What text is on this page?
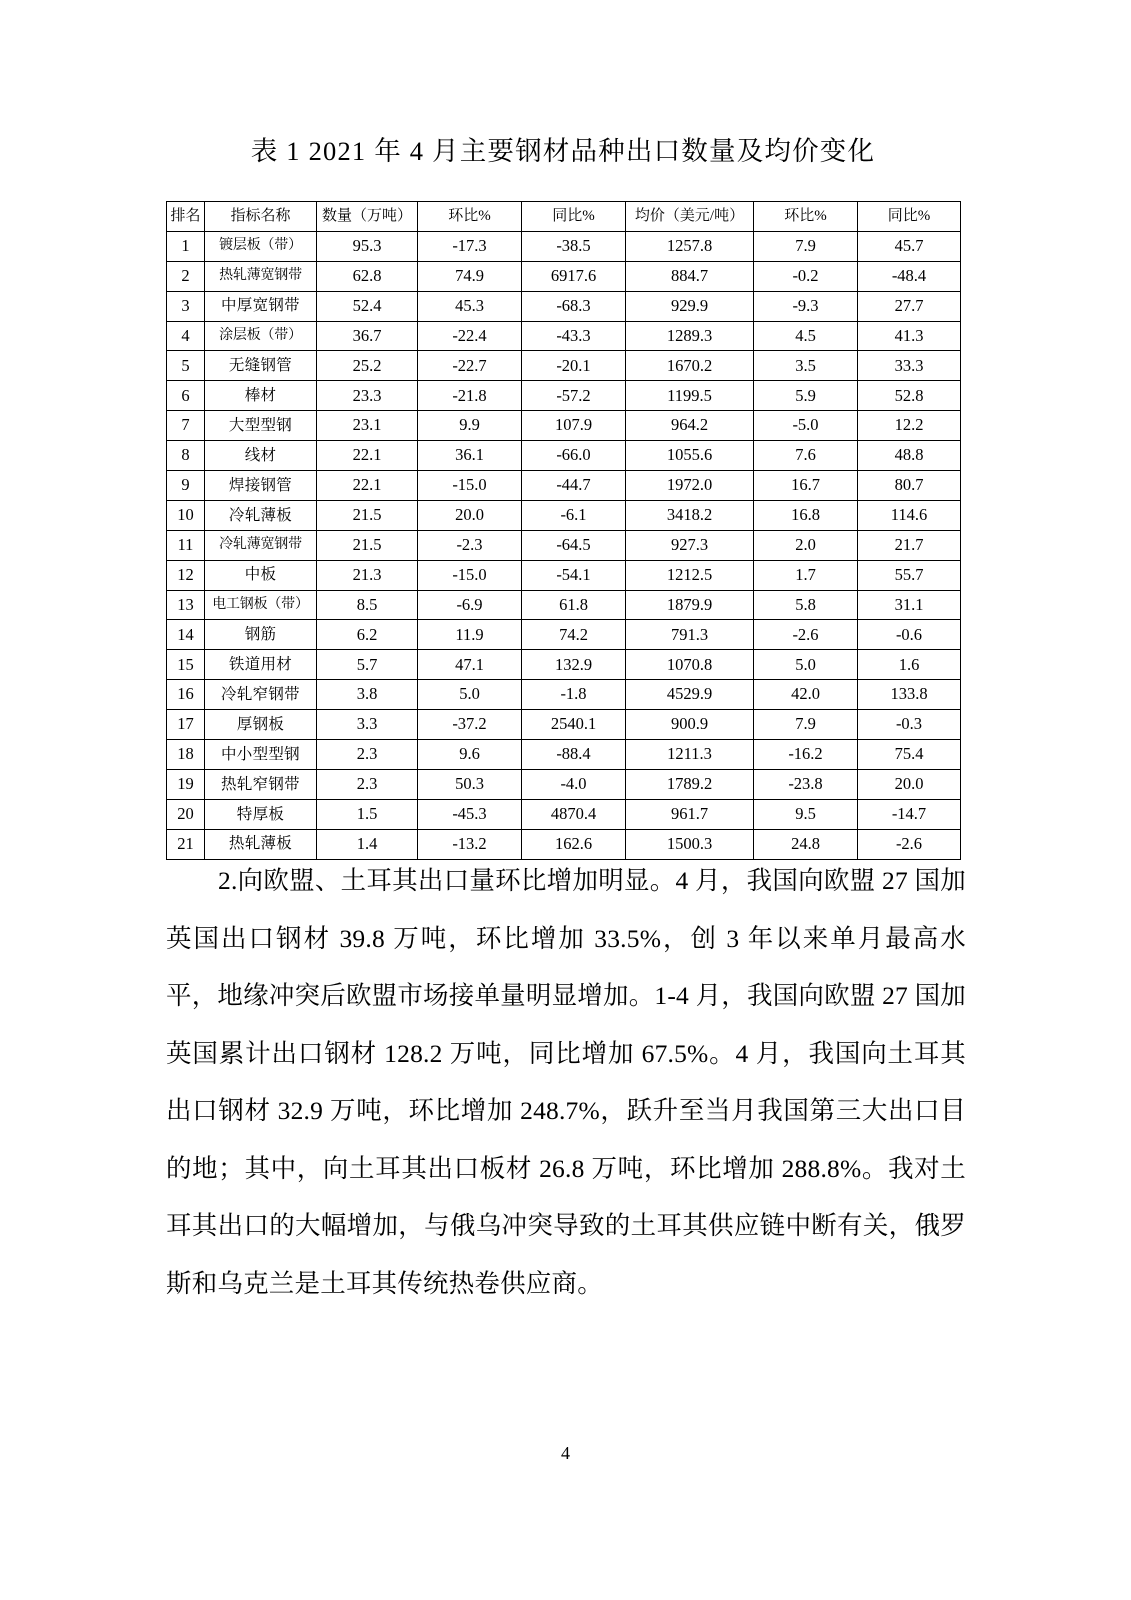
表 1 2021 年 4 月主要钢材品种出口数量及均价变化
排名	指标名称	数量（万吨）	环比%	同比%	均价（美元/吨）	环比%	同比%
1	镀层板（带）	95.3	-17.3	-38.5	1257.8	7.9	45.7
2	热轧薄宽钢带	62.8	74.9	6917.6	884.7	-0.2	-48.4
3	中厚宽钢带	52.4	45.3	-68.3	929.9	-9.3	27.7
4	涂层板（带）	36.7	-22.4	-43.3	1289.3	4.5	41.3
5	无缝钢管	25.2	-22.7	-20.1	1670.2	3.5	33.3
6	棒材	23.3	-21.8	-57.2	1199.5	5.9	52.8
7	大型型钢	23.1	9.9	107.9	964.2	-5.0	12.2
8	线材	22.1	36.1	-66.0	1055.6	7.6	48.8
9	焊接钢管	22.1	-15.0	-44.7	1972.0	16.7	80.7
10	冷轧薄板	21.5	20.0	-6.1	3418.2	16.8	114.6
11	冷轧薄宽钢带	21.5	-2.3	-64.5	927.3	2.0	21.7
12	中板	21.3	-15.0	-54.1	1212.5	1.7	55.7
13	电工钢板（带）	8.5	-6.9	61.8	1879.9	5.8	31.1
14	钢筋	6.2	11.9	74.2	791.3	-2.6	-0.6
15	铁道用材	5.7	47.1	132.9	1070.8	5.0	1.6
16	冷轧窄钢带	3.8	5.0	-1.8	4529.9	42.0	133.8
17	厚钢板	3.3	-37.2	2540.1	900.9	7.9	-0.3
18	中小型型钢	2.3	9.6	-88.4	1211.3	-16.2	75.4
19	热轧窄钢带	2.3	50.3	-4.0	1789.2	-23.8	20.0
20	特厚板	1.5	-45.3	4870.4	961.7	9.5	-14.7
21	热轧薄板	1.4	-13.2	162.6	1500.3	24.8	-2.6
2.向欧盟、土耳其出口量环比增加明显。4 月，我国向欧盟 27 国加英国出口钢材 39.8 万吨，环比增加 33.5%，创 3 年以来单月最高水平，地缘冲突后欧盟市场接单量明显增加。1-4 月，我国向欧盟 27 国加英国累计出口钢材 128.2 万吨，同比增加 67.5%。4 月，我国向土耳其出口钢材 32.9 万吨，环比增加 248.7%，跃升至当月我国第三大出口目的地；其中，向土耳其出口板材 26.8 万吨，环比增加 288.8%。我对土耳其出口的大幅增加，与俄乌冲突导致的土耳其供应链中断有关，俄罗斯和乌克兰是土耳其传统热卷供应商。
4
